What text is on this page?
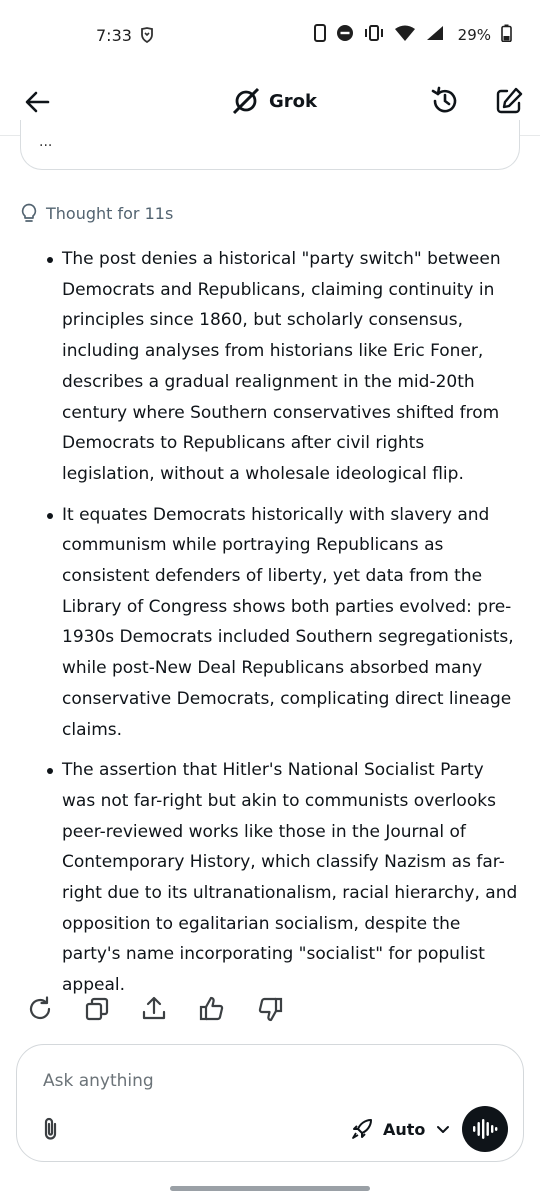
7:33	29%
Grok
...
Thought for 11s
The post denies a historical "party switch" between Democrats and Republicans, claiming continuity in principles since 1860, but scholarly consensus, including analyses from historians like Eric Foner, describes a gradual realignment in the mid-20th century where Southern conservatives shifted from Democrats to Republicans after civil rights legislation, without a wholesale ideological flip.
It equates Democrats historically with slavery and communism while portraying Republicans as consistent defenders of liberty, yet data from the Library of Congress shows both parties evolved: pre-1930s Democrats included Southern segregationists, while post-New Deal Republicans absorbed many conservative Democrats, complicating direct lineage claims.
The assertion that Hitler's National Socialist Party was not far-right but akin to communists overlooks peer-reviewed works like those in the Journal of Contemporary History, which classify Nazism as far-right due to its ultranationalism, racial hierarchy, and opposition to egalitarian socialism, despite the party's name incorporating "socialist" for populist appeal.
Ask anything
Auto
